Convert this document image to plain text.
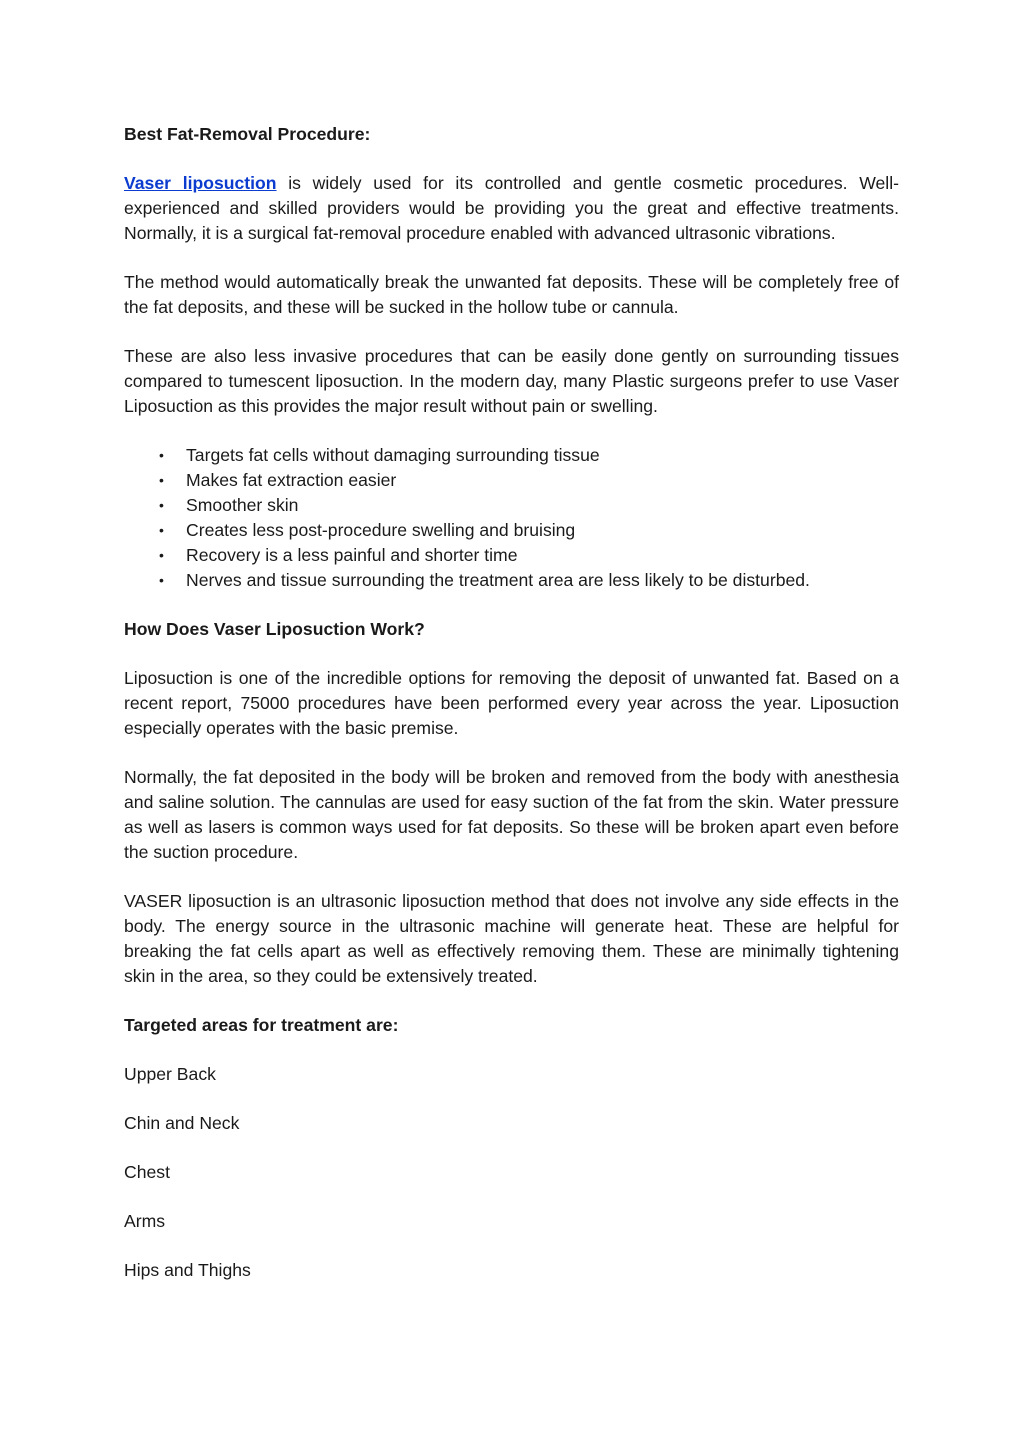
Best Fat-Removal Procedure:
Vaser liposuction is widely used for its controlled and gentle cosmetic procedures. Well-experienced and skilled providers would be providing you the great and effective treatments. Normally, it is a surgical fat-removal procedure enabled with advanced ultrasonic vibrations.
The method would automatically break the unwanted fat deposits. These will be completely free of the fat deposits, and these will be sucked in the hollow tube or cannula.
These are also less invasive procedures that can be easily done gently on surrounding tissues compared to tumescent liposuction. In the modern day, many Plastic surgeons prefer to use Vaser Liposuction as this provides the major result without pain or swelling.
• Targets fat cells without damaging surrounding tissue
• Makes fat extraction easier
• Smoother skin
• Creates less post-procedure swelling and bruising
• Recovery is a less painful and shorter time
• Nerves and tissue surrounding the treatment area are less likely to be disturbed.
How Does Vaser Liposuction Work?
Liposuction is one of the incredible options for removing the deposit of unwanted fat. Based on a recent report, 75000 procedures have been performed every year across the year. Liposuction especially operates with the basic premise.
Normally, the fat deposited in the body will be broken and removed from the body with anesthesia and saline solution. The cannulas are used for easy suction of the fat from the skin. Water pressure as well as lasers is common ways used for fat deposits. So these will be broken apart even before the suction procedure.
VASER liposuction is an ultrasonic liposuction method that does not involve any side effects in the body. The energy source in the ultrasonic machine will generate heat. These are helpful for breaking the fat cells apart as well as effectively removing them. These are minimally tightening skin in the area, so they could be extensively treated.
Targeted areas for treatment are:
Upper Back
Chin and Neck
Chest
Arms
Hips and Thighs
